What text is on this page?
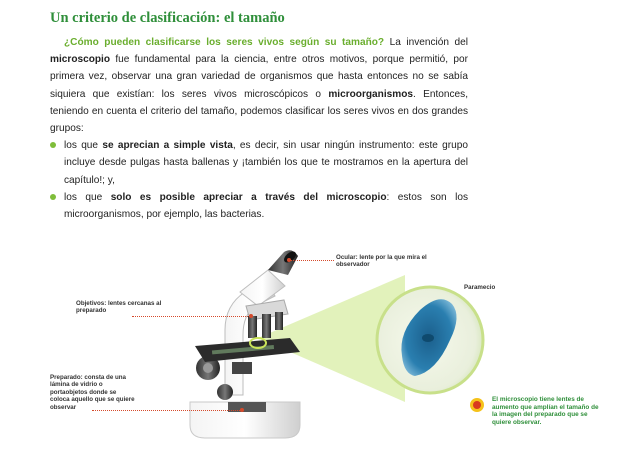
Un criterio de clasificación: el tamaño

¿Cómo pueden clasificarse los seres vivos según su tamaño? La invención del microscopio fue fundamental para la ciencia, entre otros motivos, porque permitió, por primera vez, observar una gran variedad de organismos que hasta entonces no se sabía siquiera que existían: los seres vivos microscópicos o microorganismos. Entonces, teniendo en cuenta el criterio del tamaño, podemos clasificar los seres vivos en dos grandes grupos:

los que se aprecian a simple vista, es decir, sin usar ningún instrumento: este grupo incluye desde pulgas hasta ballenas y ¡también los que te mostramos en la apertura del capítulo!; y,
los que solo es posible apreciar a través del microscopio: estos son los microorganismos, por ejemplo, las bacterias.
Ocular: lente por la que mira el observador
Objetivos: lentes cercanas al preparado
Preparado: consta de una lámina de vidrio o portaobjetos donde se coloca aquello que se quiere observar
Paramecio
El microscopio tiene lentes de aumento que amplían el tamaño de la imagen del preparado que se quiere observar.
